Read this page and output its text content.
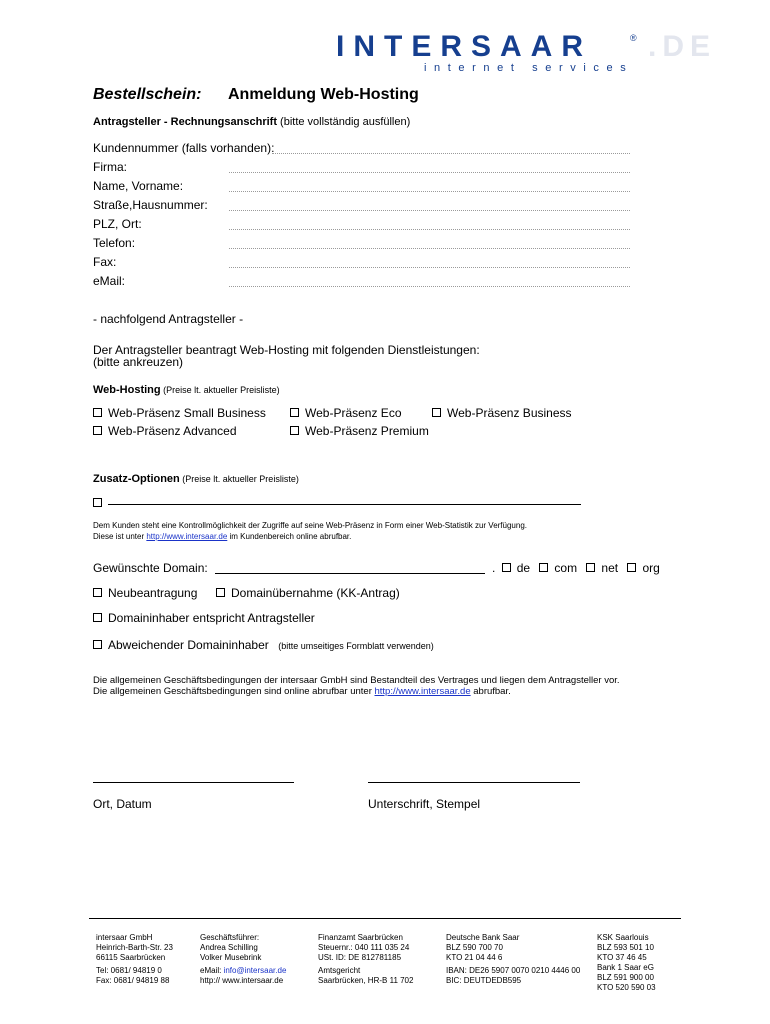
INTERSAAR	® .DE
internet services
Bestellschein: Anmeldung Web-Hosting
Antragsteller - Rechnungsanschrift (bitte vollständig ausfüllen)
Kundennummer (falls vorhanden):
Firma:
Name, Vorname:
Straße,Hausnummer:
PLZ, Ort:
Telefon:
Fax:
eMail:
- nachfolgend Antragsteller -
Der Antragsteller beantragt Web-Hosting mit folgenden Dienstleistungen:
(bitte ankreuzen)
Web-Hosting (Preise lt. aktueller Preisliste)
Web-Präsenz Small Business	Web-Präsenz Eco	Web-Präsenz Business
Web-Präsenz Advanced	Web-Präsenz Premium
Zusatz-Optionen (Preise lt. aktueller Preisliste)
Dem Kunden steht eine Kontrollmöglichkeit der Zugriffe auf seine Web-Präsenz in Form einer Web-Statistik zur Verfügung.
Diese ist unter http://www.intersaar.de im Kundenbereich online abrufbar.
Gewünschte Domain:	. de com net org
Neubeantragung	Domainübernahme (KK-Antrag)
Domaininhaber entspricht Antragsteller
Abweichender Domaininhaber (bitte umseitiges Formblatt verwenden)
Die allgemeinen Geschäftsbedingungen der intersaar GmbH sind Bestandteil des Vertrages und liegen dem Antragsteller vor.
Die allgemeinen Geschäftsbedingungen sind online abrufbar unter http://www.intersaar.de abrufbar.
Ort, Datum	Unterschrift, Stempel
intersaar GmbH
Heinrich-Barth-Str. 23
66115 Saarbrücken
Tel: 0681/ 94819 0
Fax: 0681/ 94819 88
Geschäftsführer:
Andrea Schilling
Volker Musebrink
eMail: info@intersaar.de
http:// www.intersaar.de
Finanzamt Saarbrücken
Steuernr.: 040 111 035 24
USt. ID: DE 812781185
Amtsgericht
Saarbrücken, HR-B 11 702
Deutsche Bank Saar
BLZ 590 700 70
KTO 21 04 44 6
IBAN: DE26 5907 0070 0210 4446 00
BIC: DEUTDEDB595
KSK Saarlouis
BLZ 593 501 10
KTO 37 46 45
Bank 1 Saar eG
BLZ 591 900 00
KTO 520 590 03
